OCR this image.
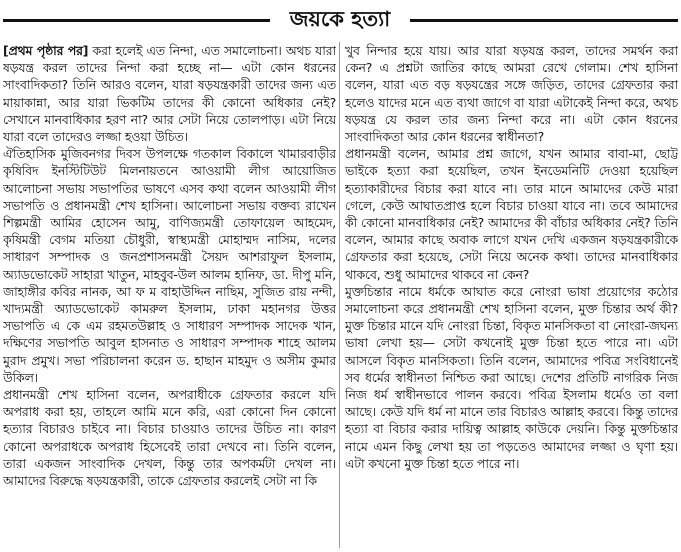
জয়কে হত্যা

[প্রথম পৃষ্ঠার পর] করা হলেই এত নিন্দা, এত সমালোচনা। অথচ যারা ষড়যন্ত্র করল তাদের নিন্দা করা হচ্ছে না— এটা কোন ধরনের সাংবাদিকতা? তিনি আরও বলেন, যারা ষড়যন্ত্রকারী তাদের জন্য এত মায়াকান্না, আর যারা ভিকটিম তাদের কী কোনো অধিকার নেই? সেখানে মানবাধিকার হরণ না? আর সেটা নিয়ে তোলপাড়। এটা নিয়ে যারা বলে তাদেরও লজ্জা হওয়া উচিত।

ঐতিহাসিক মুজিবনগর দিবস উপলক্ষে গতকাল বিকালে খামারবাড়ীর কৃষিবিদ ইনস্টিটিউট মিলনায়তনে আওয়ামী লীগ আয়োজিত আলোচনা সভায় সভাপতির ভাষণে এসব কথা বলেন আওয়ামী লীগ সভাপতি ও প্রধানমন্ত্রী শেখ হাসিনা। আলোচনা সভায় বক্তব্য রাখেন শিল্পমন্ত্রী আমির হোসেন আমু, বাণিজ্যমন্ত্রী তোফায়েল আহমেদ, কৃষিমন্ত্রী বেগম মতিয়া চৌধুরী, স্বাস্থ্যমন্ত্রী মোহাম্মদ নাসিম, দলের সাধারণ সম্পাদক ও জনপ্রশাসনমন্ত্রী সৈয়দ আশরাফুল ইসলাম, অ্যাডভোকেট সাহারা খাতুন, মাহবুব-উল আলম হানিফ, ডা. দীপু মনি, জাহাঙ্গীর কবির নানক, আ ফ ম বাহাউদ্দিন নাছিম, সুজিত রায় নন্দী, খাদ্যমন্ত্রী অ্যাডভোকেট কামরুল ইসলাম, ঢাকা মহানগর উত্তর সভাপতি এ কে এম রহমতউল্লাহ ও সাধারণ সম্পাদক সাদেক খান, দক্ষিণের সভাপতি আবুল হাসনাত ও সাধারণ সম্পাদক শাহে আলম মুরাদ প্রমুখ। সভা পরিচালনা করেন ড. হাছান মাহমুদ ও অসীম কুমার উকিল।

প্রধানমন্ত্রী শেখ হাসিনা বলেন, অপরাধীকে গ্রেফতার করলে যদি অপরাধ করা হয়, তাহলে আমি মনে করি, এরা কোনো দিন কোনো হত্যার বিচারও চাইবে না। বিচার চাওয়াও তাদের উচিত না। কারণ কোনো অপরাধকে অপরাধ হিসেবেই তারা দেখবে না। তিনি বলেন, তারা একজন সাংবাদিক দেখল, কিন্তু তার অপকর্মটা দেখল না। আমাদের বিরুদ্ধে ষড়যন্ত্রকারী, তাকে গ্রেফতার করলেই সেটা না কি

খুব নিন্দার হয়ে যায়। আর যারা ষড়যন্ত্র করল, তাদের সমর্থন করা কেন? এ প্রশ্নটা জাতির কাছে আমরা রেখে গেলাম। শেখ হাসিনা বলেন, যারা এত বড় ষড়যন্ত্রের সঙ্গে জড়িত, তাদের গ্রেফতার করা হলেও যাদের মনে এত ব্যথা জাগে বা যারা এটাকেই নিন্দা করে, অথচ ষড়যন্ত্র যে করল তার জন্য নিন্দা করে না। এটা কোন ধরনের সাংবাদিকতা আর কোন ধরনের স্বাধীনতা?

প্রধানমন্ত্রী বলেন, আমার প্রশ্ন জাগে, যখন আমার বাবা-মা, ছোট্ট ভাইকে হত্যা করা হয়েছিল, তখন ইনডেমনিটি দেওয়া হয়েছিল হত্যাকারীদের বিচার করা যাবে না। তার মানে আমাদের কেউ মারা গেলে, কেউ আঘাতপ্রাপ্ত হলে বিচার চাওয়া যাবে না। তবে আমাদের কী কোনো মানবাধিকার নেই? আমাদের কী বাঁচার অধিকার নেই? তিনি বলেন, আমার কাছে অবাক লাগে যখন দেখি একজন ষড়যন্ত্রকারীকে গ্রেফতার করা হয়েছে, সেটা নিয়ে অনেক কথা। তাদের মানবাধিকার থাকবে, শুধু আমাদের থাকবে না কেন?

মুক্তচিন্তার নামে ধর্মকে আঘাত করে নোংরা ভাষা প্রয়োগের কঠোর সমালোচনা করে প্রধানমন্ত্রী শেখ হাসিনা বলেন, মুক্ত চিন্তার অর্থ কী? মুক্ত চিন্তার মানে যদি নোংরা চিন্তা, বিকৃত মানসিকতা বা নোংরা-জঘন্য ভাষা লেখা হয়— সেটা কখনোই মুক্ত চিন্তা হতে পারে না। এটা আসলে বিকৃত মানসিকতা। তিনি বলেন, আমাদের পবিত্র সংবিধানেই সব ধর্মের স্বাধীনতা নিশ্চিত করা আছে। দেশের প্রতিটি নাগরিক নিজ নিজ ধর্ম স্বাধীনভাবে পালন করবে। পবিত্র ইসলাম ধর্মেও তা বলা আছে। কেউ যদি ধর্ম না মানে তার বিচারও আল্লাহ করবে। কিন্তু তাদের হত্যা বা বিচার করার দায়িত্ব আল্লাহ কাউকে দেয়নি। কিন্তু মুক্তচিন্তার নামে এমন কিছু লেখা হয় তা পড়তেও আমাদের লজ্জা ও ঘৃণা হয়। এটা কখনো মুক্ত চিন্তা হতে পারে না।
